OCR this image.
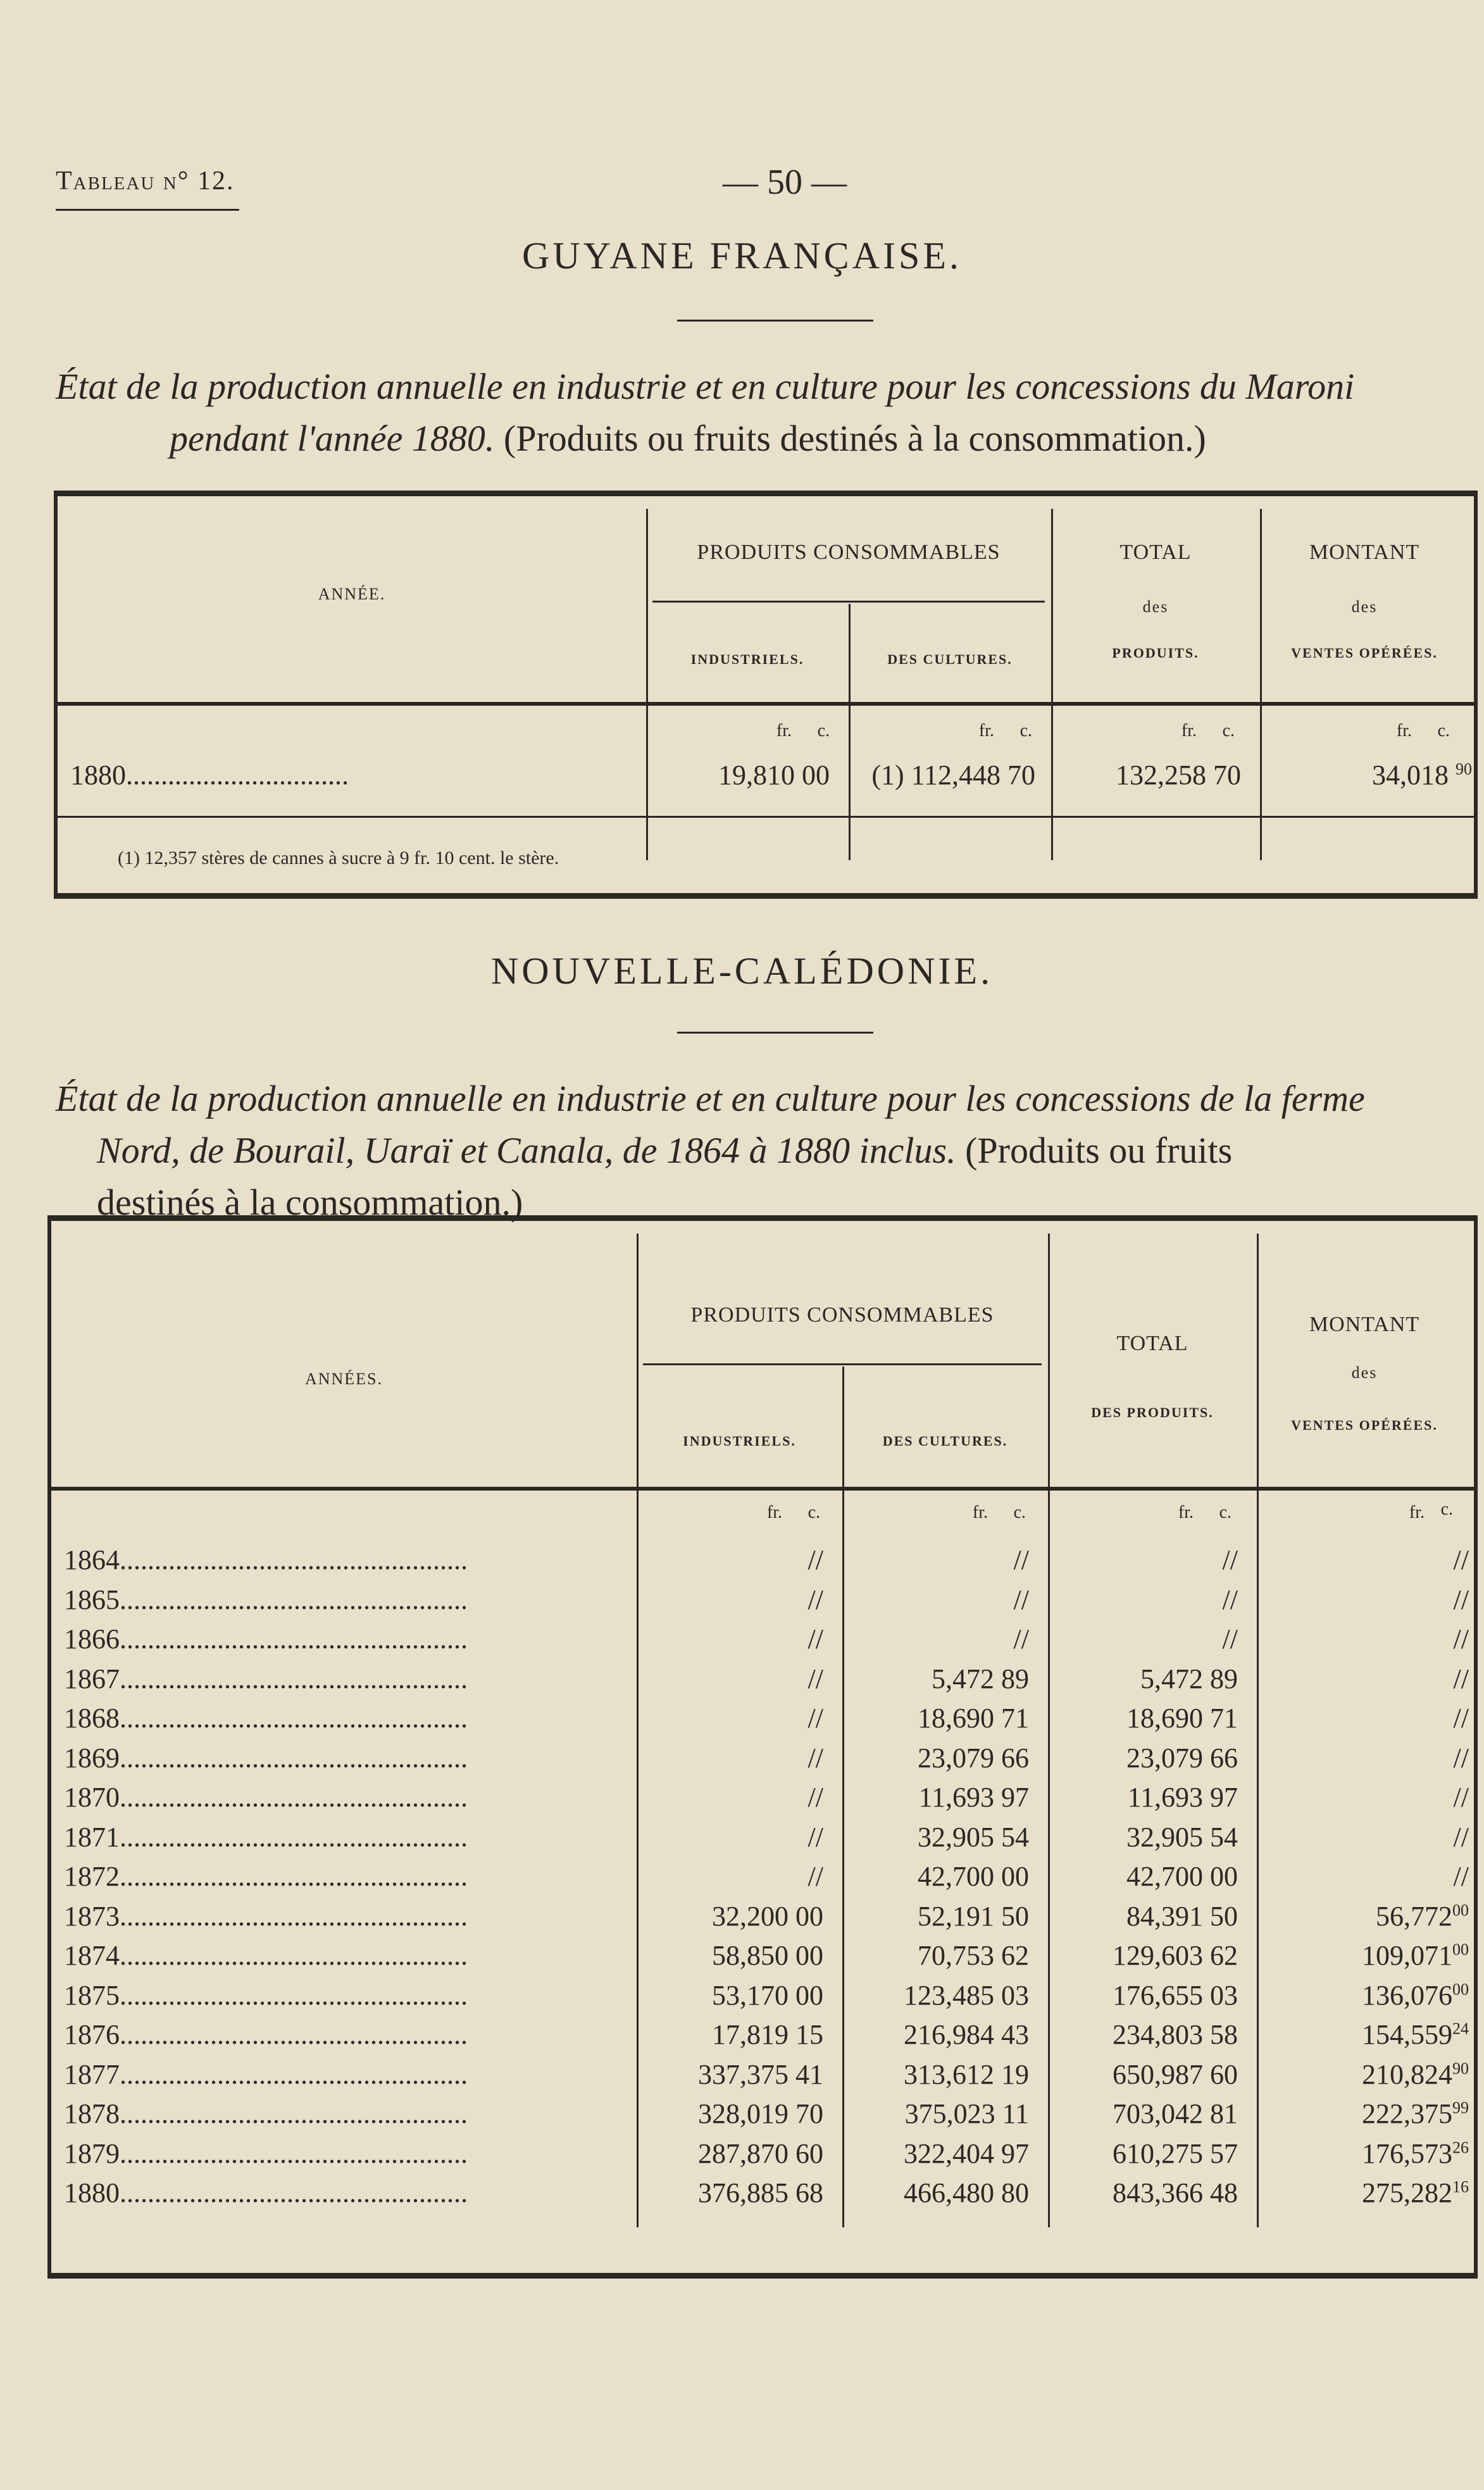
Tableau n° 12.	— 50 —
GUYANE FRANÇAISE.
État de la production annuelle en industrie et en culture pour les concessions du Maroni
pendant l'année 1880. (Produits ou fruits destinés à la consommation.)
ANNÉE.
PRODUITS CONSOMMABLES
INDUSTRIELS.	DES CULTURES.
TOTAL
des
PRODUITS.
MONTANT
des
VENTES OPÉRÉES.
fr.	c.	fr.	c.	fr.	c.	fr.	c.
1880................................	19,810 00	(1) 112,448 70	132,258 70	34,018 $^{90}$
(1) 12,357 stères de cannes à sucre à 9 fr. 10 cent. le stère.
NOUVELLE-CALÉDONIE.
État de la production annuelle en industrie et en culture pour les concessions de la ferme
Nord, de Bourail, Uaraï et Canala, de 1864 à 1880 inclus. (Produits ou fruits
destinés à la consommation.)
ANNÉES.
PRODUITS CONSOMMABLES
INDUSTRIELS.	DES CULTURES.
TOTAL
DES PRODUITS.
MONTANT
des
VENTES OPÉRÉES.
fr.	c.	fr.	c.	fr.	c.	fr. c.
1864..................................................	//	//	//	//
1865..................................................	//	//	//	//
1866..................................................	//	//	//	//
1867..................................................	//	5,472 89	5,472 89	//
1868..................................................	//	18,690 71	18,690 71	//
1869..................................................	//	23,079 66	23,079 66	//
1870..................................................	//	11,693 97	11,693 97	//
1871..................................................	//	32,905 54	32,905 54	//
1872..................................................	//	42,700 00	42,700 00	//
1873..................................................	32,200 00	52,191 50	84,391 50	56,772$^{00}$
1874..................................................	58,850 00	70,753 62	129,603 62	109,071$^{00}$
1875..................................................	53,170 00	123,485 03	176,655 03	136,076$^{00}$
1876..................................................	17,819 15	216,984 43	234,803 58	154,559$^{24}$
1877..................................................	337,375 41	313,612 19	650,987 60	210,824$^{90}$
1878..................................................	328,019 70	375,023 11	703,042 81	222,375$^{99}$
1879..................................................	287,870 60	322,404 97	610,275 57	176,573$^{26}$
1880..................................................	376,885 68	466,480 80	843,366 48	275,282$^{16}$
